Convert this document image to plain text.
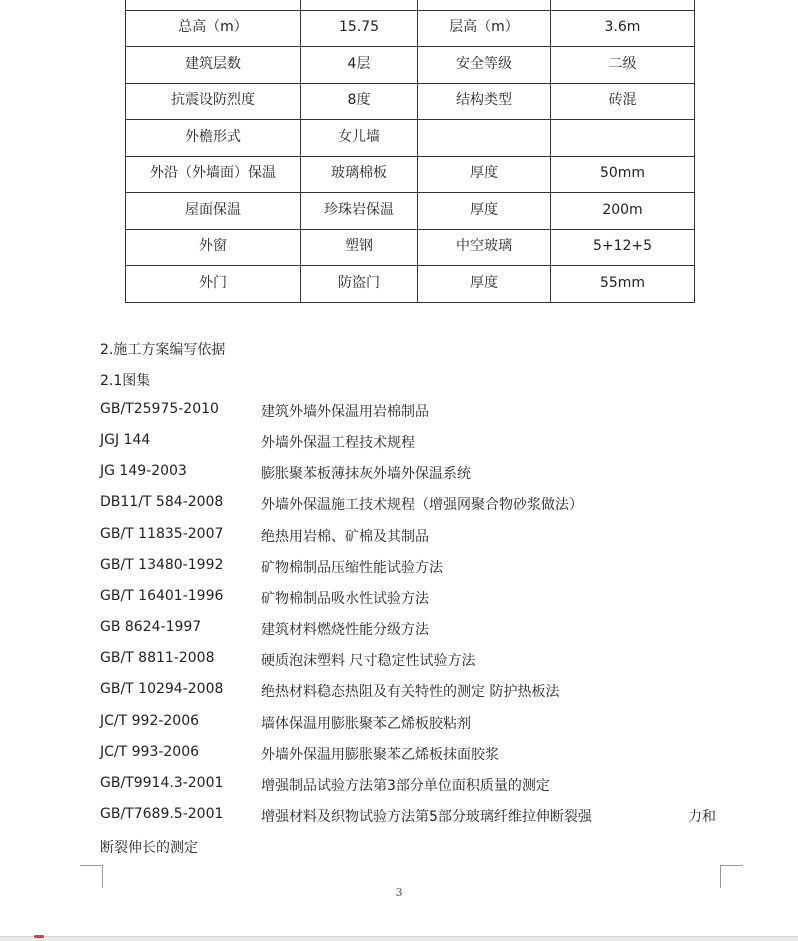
总高（m）	15.75	层高（m）	3.6m
建筑层数	4层	安全等级	二级
抗震设防烈度	8度	结构类型	砖混
外檐形式	女儿墙		
外沿（外墙面）保温	玻璃棉板	厚度	50mm
屋面保温	珍珠岩保温	厚度	200m
外窗	塑钢	中空玻璃	5+12+5
外门	防盗门	厚度	55mm
2.施工方案编写依据
2.1图集
GB/T25975-2010	建筑外墙外保温用岩棉制品
JGJ 144	外墙外保温工程技术规程
JG 149-2003	膨胀聚苯板薄抹灰外墙外保温系统
DB11/T 584-2008	外墙外保温施工技术规程（增强网聚合物砂浆做法）
GB/T 11835-2007	绝热用岩棉、矿棉及其制品
GB/T 13480-1992	矿物棉制品压缩性能试验方法
GB/T 16401-1996	矿物棉制品吸水性试验方法
GB 8624-1997	建筑材料燃烧性能分级方法
GB/T 8811-2008	硬质泡沫塑料 尺寸稳定性试验方法
GB/T 10294-2008	绝热材料稳态热阻及有关特性的测定 防护热板法
JC/T 992-2006	墙体保温用膨胀聚苯乙烯板胶粘剂
JC/T 993-2006	外墙外保温用膨胀聚苯乙烯板抹面胶浆
GB/T9914.3-2001	增强制品试验方法第3部分单位面积质量的测定
GB/T7689.5-2001	增强材料及织物试验方法第5部分玻璃纤维拉伸断裂强	力和
断裂伸长的测定
3
